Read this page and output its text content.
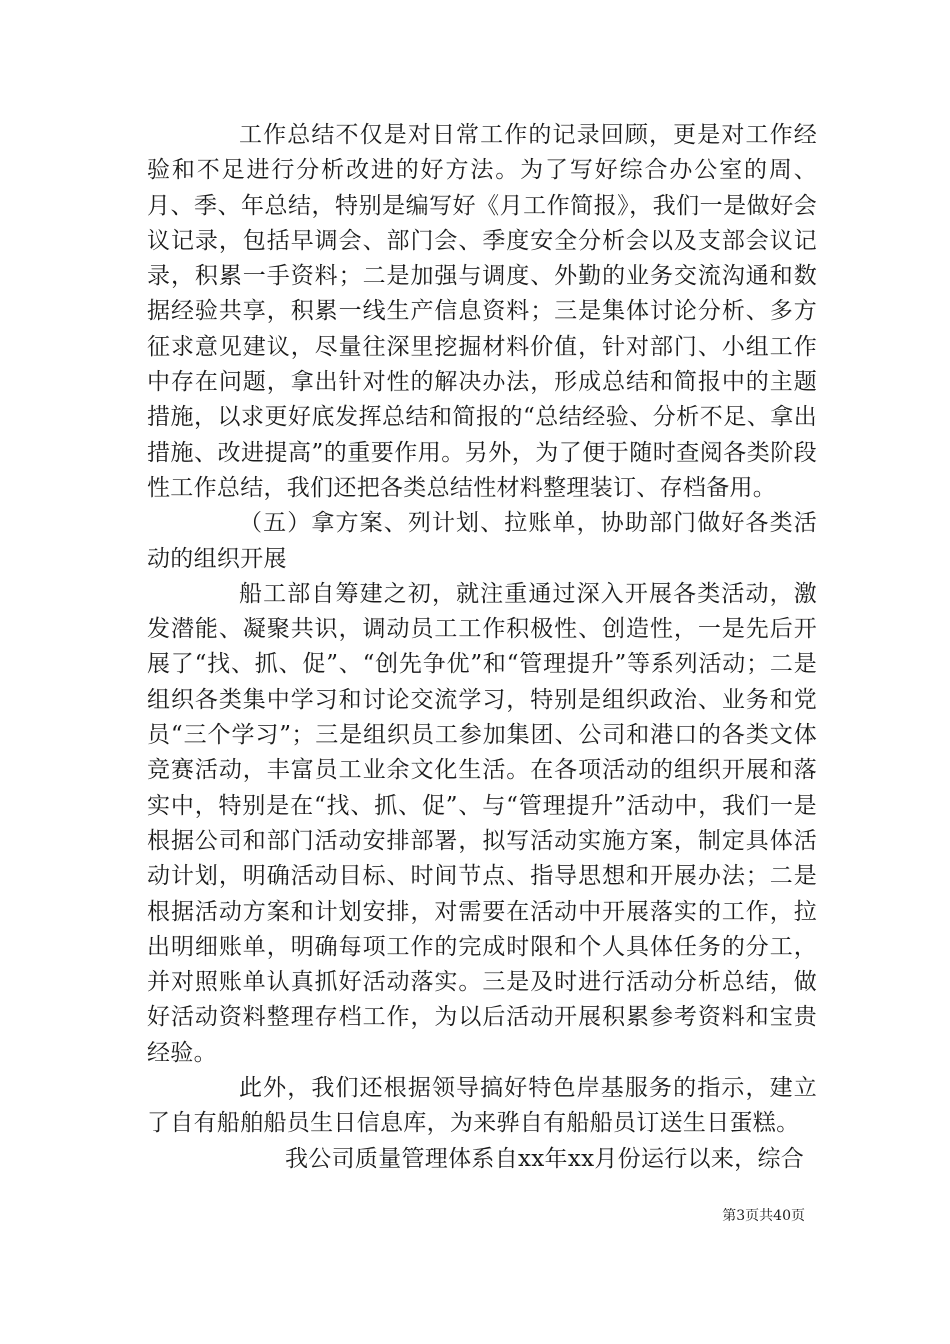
工作总结不仅是对日常工作的记录回顾，更是对工作经验和不足进行分析改进的好方法。为了写好综合办公室的周、月、季、年总结，特别是编写好《月工作简报》，我们一是做好会议记录，包括早调会、部门会、季度安全分析会以及支部会议记录，积累一手资料；二是加强与调度、外勤的业务交流沟通和数据经验共享，积累一线生产信息资料；三是集体讨论分析、多方征求意见建议，尽量往深里挖掘材料价值，针对部门、小组工作中存在问题，拿出针对性的解决办法，形成总结和简报中的主题措施，以求更好底发挥总结和简报的“总结经验、分析不足、拿出措施、改进提高”的重要作用。另外，为了便于随时查阅各类阶段性工作总结，我们还把各类总结性材料整理装订、存档备用。

（五）拿方案、列计划、拉账单，协助部门做好各类活动的组织开展

船工部自筹建之初，就注重通过深入开展各类活动，激发潜能、凝聚共识，调动员工工作积极性、创造性，一是先后开展了“找、抓、促”、“创先争优”和“管理提升”等系列活动；二是组织各类集中学习和讨论交流学习，特别是组织政治、业务和党员“三个学习”；三是组织员工参加集团、公司和港口的各类文体竞赛活动，丰富员工业余文化生活。在各项活动的组织开展和落实中，特别是在“找、抓、促”、与“管理提升”活动中，我们一是根据公司和部门活动安排部署，拟写活动实施方案，制定具体活动计划，明确活动目标、时间节点、指导思想和开展办法；二是根据活动方案和计划安排，对需要在活动中开展落实的工作，拉出明细账单，明确每项工作的完成时限和个人具体任务的分工，并对照账单认真抓好活动落实。三是及时进行活动分析总结，做好活动资料整理存档工作，为以后活动开展积累参考资料和宝贵经验。

此外，我们还根据领导搞好特色岸基服务的指示，建立了自有船舶船员生日信息库，为来骅自有船船员订送生日蛋糕。

我公司质量管理体系自xx年xx月份运行以来，综合

第3页共40页
